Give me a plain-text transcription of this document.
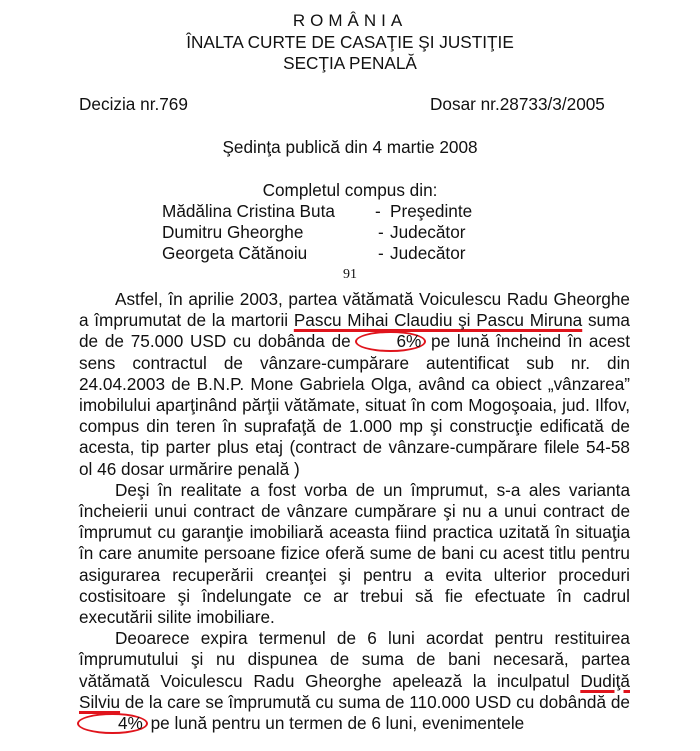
ROMÂNIA
ÎNALTA CURTE DE CASAŢIE ŞI JUSTIŢIE
SECŢIA PENALĂ
Decizia nr.769	Dosar nr.28733/3/2005
Şedinţa publică din 4 martie 2008
Completul compus din:
Mădălina Cristina Buta - Preşedinte
Dumitru Gheorghe	- Judecător
Georgeta Cătănoiu	- Judecător
91

Astfel, în aprilie 2003, partea vătămată Voiculescu Radu Gheorghe a împrumutat de la martorii Pascu Mihai Claudiu şi Pascu Miruna suma de de 75.000 USD cu dobânda de 6% pe lună încheind în acest sens contractul de vânzare-cumpărare autentificat sub nr. din 24.04.2003 de B.N.P. Mone Gabriela Olga, având ca obiect „vânzarea” imobilului aparţinând părţii vătămate, situat în com Mogoşoaia, jud. Ilfov, compus din teren în suprafaţă de 1.000 mp şi construcţie edificată de acesta, tip parter plus etaj (contract de vânzare-cumpărare filele 54-58 ol 46 dosar urmărire penală )

Deşi în realitate a fost vorba de un împrumut, s-a ales varianta încheierii unui contract de vânzare cumpărare şi nu a unui contract de împrumut cu garanţie imobiliară aceasta fiind practica uzitată în situaţia în care anumite persoane fizice oferă sume de bani cu acest titlu pentru asigurarea recuperării creanţei şi pentru a evita ulterior proceduri costisitoare şi îndelungate ce ar trebui să fie efectuate în cadrul executării silite imobiliare.

Deoarece expira termenul de 6 luni acordat pentru restituirea împrumutului şi nu dispunea de suma de bani necesară, partea vătămată Voiculescu Radu Gheorghe apelează la inculpatul Dudiţă Silviu de la care se împrumută cu suma de 110.000 USD cu dobândă de 4% pe lună pentru un termen de 6 luni, evenimentele
